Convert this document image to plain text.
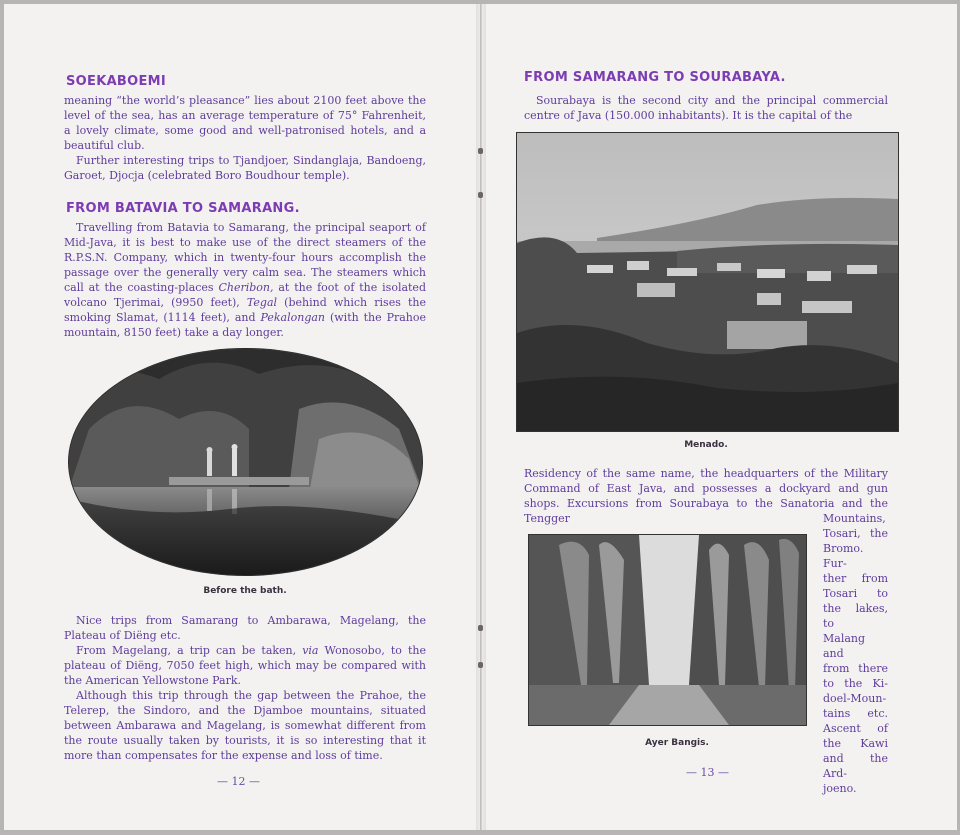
SOEKABOEMI

meaning “the world’s pleasance” lies about 2100 feet above the level of the sea, has an average temperature of 75° Fahrenheit, a lovely climate, some good and well-patronised hotels, and a beautiful club.

Further interesting trips to Tjandjoer, Sindanglaja, Bandoeng, Garoet, Djocja (celebrated Boro Boudhour temple).

FROM BATAVIA TO SAMARANG.

Travelling from Batavia to Samarang, the principal seaport of Mid-Java, it is best to make use of the direct steamers of the R.P.S.N. Company, which in twenty-four hours accomplish the passage over the generally very calm sea. The steamers which call at the coasting-places Cheribon, at the foot of the isolated volcano Tjerimai, (9950 feet), Tegal (behind which rises the smoking Slamat, (1114 feet), and Pekalongan (with the Prahoe mountain, 8150 feet) take a day longer.

Before the bath.

Nice trips from Samarang to Ambarawa, Magelang, the Plateau of Diëng etc.

From Magelang, a trip can be taken, via Wonosobo, to the plateau of Diëng, 7050 feet high, which may be compared with the American Yellowstone Park.

Although this trip through the gap between the Prahoe, the Telerep, the Sindoro, and the Djamboe mountains, situated between Ambarawa and Magelang, is somewhat different from the route usually taken by tourists, it is so interesting that it more than compensates for the expense and loss of time.

— 12 —
FROM SAMARANG TO SOURABAYA.

Sourabaya is the second city and the principal commercial centre of Java (150.000 inhabitants). It is the capital of the

Menado.

Residency of the same name, the headquarters of the Military Command of East Java, and possesses a dockyard and gun shops. Excursions from Sourabaya to the Sanatoria and the Tengger

Ayer Bangis.
Mountains,
Tosari, the
Bromo. Fur-
ther from
Tosari to
the lakes, to
Malang and
from there
to the Ki-
doel-Moun-
tains etc.
Ascent of
the Kawi
and the Ard-
joeno.
— 13 —
